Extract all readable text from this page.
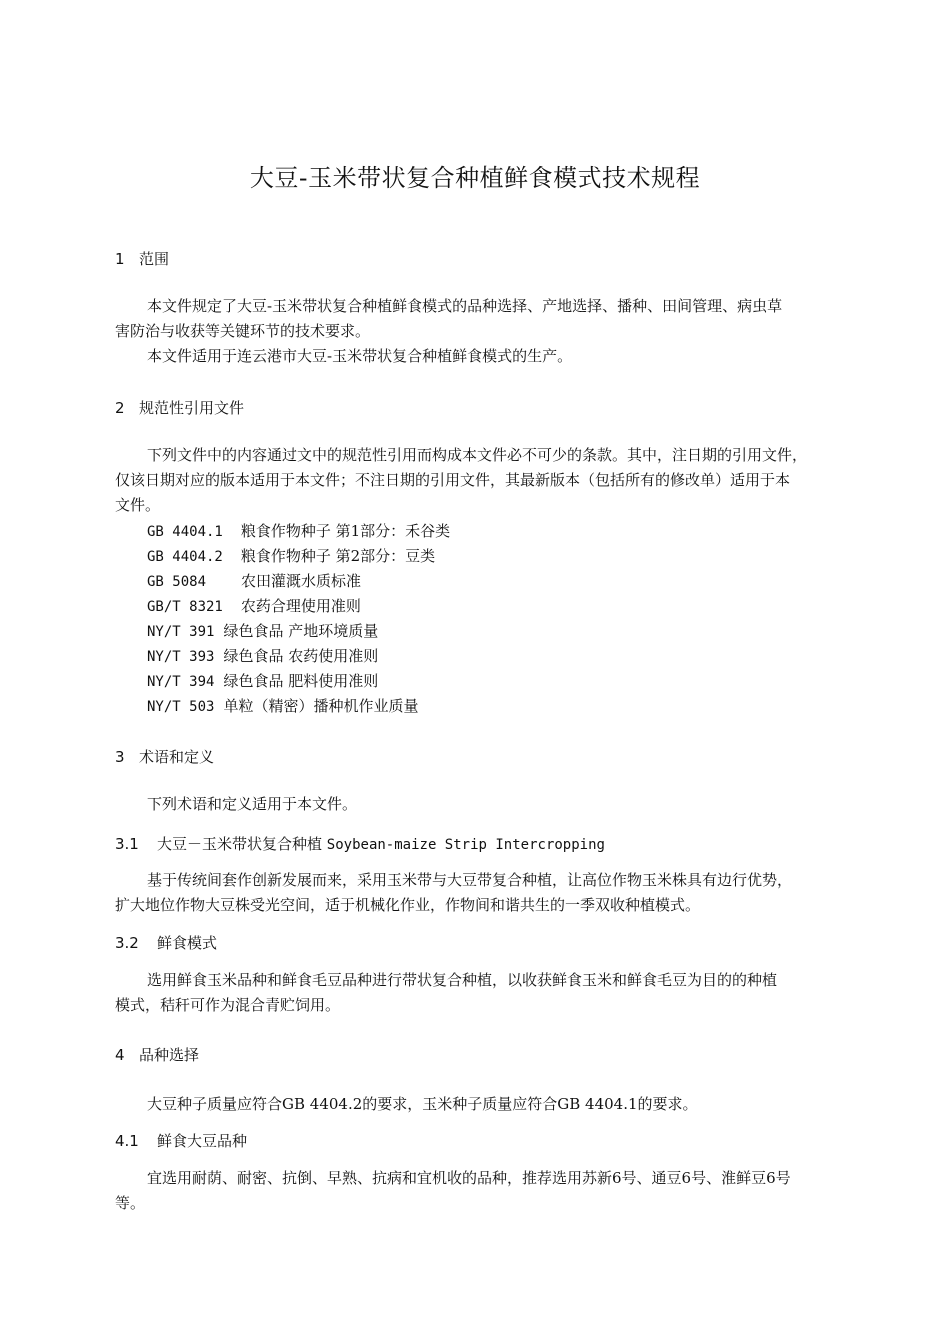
大豆-玉米带状复合种植鲜食模式技术规程
1 范围
本文件规定了大豆-玉米带状复合种植鲜食模式的品种选择、产地选择、播种、田间管理、病虫草
害防治与收获等关键环节的技术要求。
本文件适用于连云港市大豆-玉米带状复合种植鲜食模式的生产。
2 规范性引用文件
下列文件中的内容通过文中的规范性引用而构成本文件必不可少的条款。其中，注日期的引用文件，
仅该日期对应的版本适用于本文件；不注日期的引用文件，其最新版本（包括所有的修改单）适用于本
文件。
GB 4404.1 粮食作物种子 第1部分：禾谷类
GB 4404.2 粮食作物种子 第2部分：豆类
GB 5084 农田灌溉水质标准
GB/T 8321 农药合理使用准则
NY/T 391 绿色食品 产地环境质量
NY/T 393 绿色食品 农药使用准则
NY/T 394 绿色食品 肥料使用准则
NY/T 503 单粒（精密）播种机作业质量
3 术语和定义
下列术语和定义适用于本文件。
3.1 大豆－玉米带状复合种植 Soybean-maize Strip Intercropping
基于传统间套作创新发展而来，采用玉米带与大豆带复合种植，让高位作物玉米株具有边行优势，
扩大地位作物大豆株受光空间，适于机械化作业，作物间和谐共生的一季双收种植模式。
3.2 鲜食模式
选用鲜食玉米品种和鲜食毛豆品种进行带状复合种植，以收获鲜食玉米和鲜食毛豆为目的的种植
模式，秸秆可作为混合青贮饲用。
4 品种选择
大豆种子质量应符合GB 4404.2的要求，玉米种子质量应符合GB 4404.1的要求。
4.1 鲜食大豆品种
宜选用耐荫、耐密、抗倒、早熟、抗病和宜机收的品种，推荐选用苏新6号、通豆6号、淮鲜豆6号
等。
